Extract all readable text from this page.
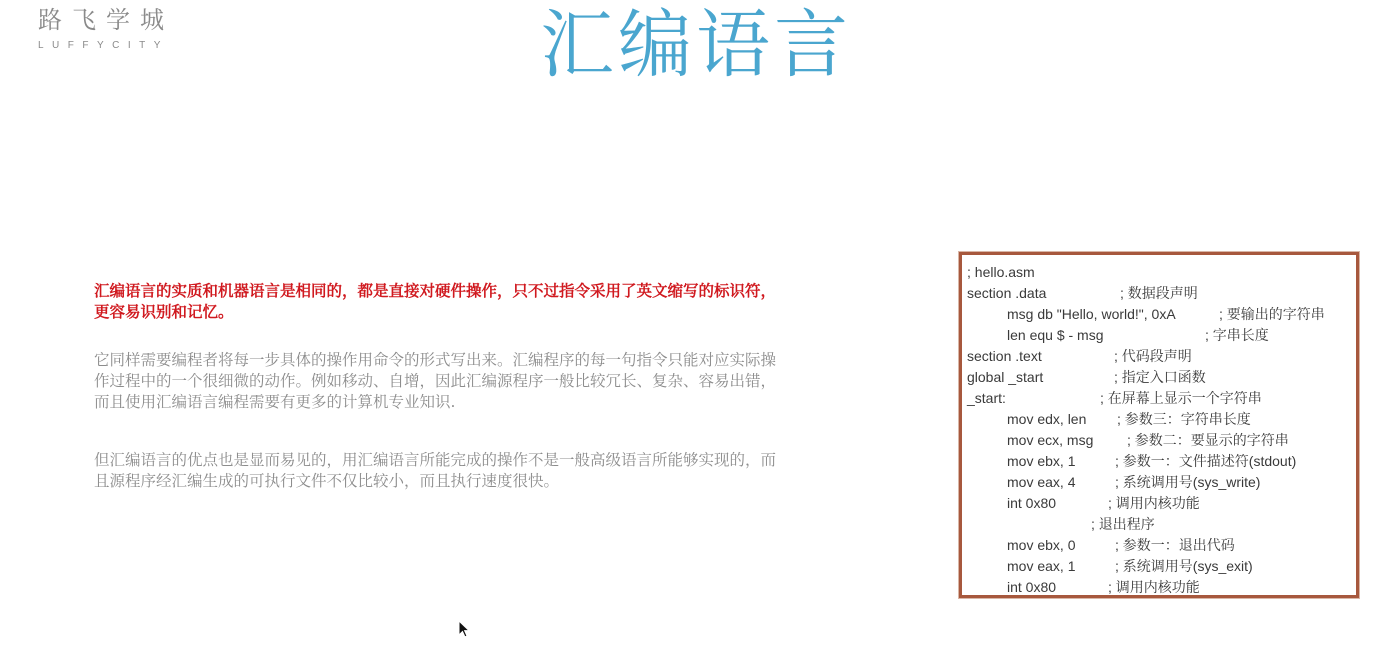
路飞学城
LUFFYCITY	汇编语言
汇编语言的实质和机器语言是相同的，都是直接对硬件操作，只不过指令采用了英文缩写的标识符，更容易识别和记忆。
它同样需要编程者将每一步具体的操作用命令的形式写出来。汇编程序的每一句指令只能对应实际操作过程中的一个很细微的动作。例如移动、自增，因此汇编源程序一般比较冗长、复杂、容易出错，而且使用汇编语言编程需要有更多的计算机专业知识.
但汇编语言的优点也是显而易见的，用汇编语言所能完成的操作不是一般高级语言所能够实现的，而且源程序经汇编生成的可执行文件不仅比较小，而且执行速度很快。
; hello.asm
section .data	; 数据段声明
msg db "Hello, world!", 0xA	; 要输出的字符串
len equ $ - msg	; 字串长度
section .text	; 代码段声明
global _start	; 指定入口函数
_start:	; 在屏幕上显示一个字符串
mov edx, len ; 参数三：字符串长度
mov ecx, msg ; 参数二：要显示的字符串
mov ebx, 1	; 参数一：文件描述符(stdout)
mov eax, 4	; 系统调用号(sys_write)
int 0x80	; 调用内核功能
; 退出程序
mov ebx, 0	; 参数一：退出代码
mov eax, 1	; 系统调用号(sys_exit)
int 0x80	; 调用内核功能
